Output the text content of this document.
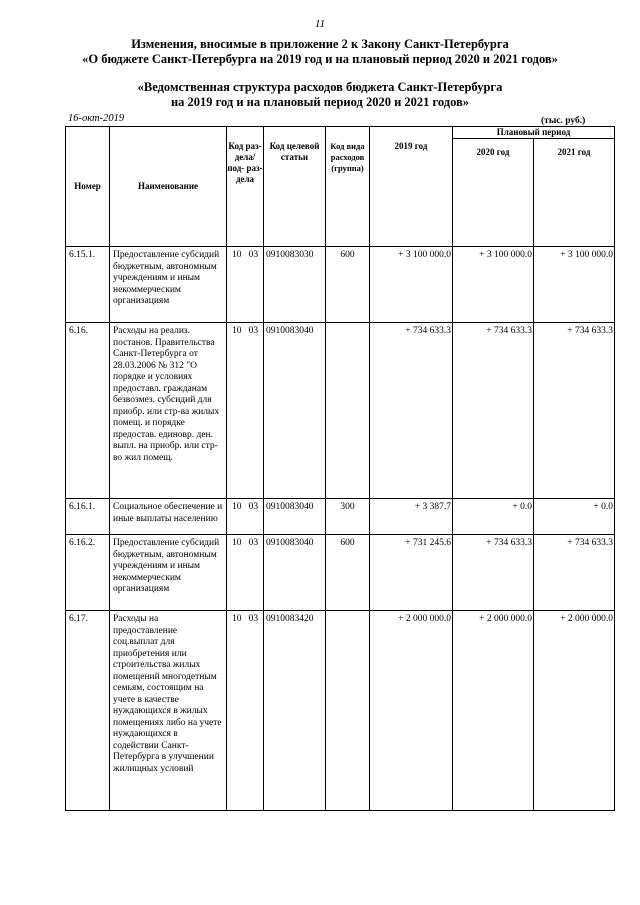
11
Изменения, вносимые в приложение 2 к Закону Санкт-Петербурга
«О бюджете Санкт-Петербурга на 2019 год и на плановый период 2020 и 2021 годов»
«Ведомственная структура расходов бюджета Санкт-Петербурга
на 2019 год и на плановый период 2020 и 2021 годов»
16-окт-2019	(тыс. руб.)
Номер	Наименование	Код раз- дела/ под- раз- дела	Код целевой статьи	Код вида расходов (группа)	2019 год	Плановый период	
						2020 год	2021 год
6.15.1.	Предоставление субсидий бюджетным, автономным учреждениям и иным некоммерческим организациям	10 03	0910083030	600	+ 3 100 000.0	+ 3 100 000.0	+ 3 100 000.0
6.16.	Расходы на реализ. постанов. Правительства Санкт-Петербурга от 28.03.2006 № 312 "О порядке и условиях предоставл. гражданам безвозмез. субсидий для приобр. или стр-ва жилых помещ. и порядке предостав. единовр. ден. выпл. на приобр. или стр-во жил помещ.	10 03	0910083040		+ 734 633.3	+ 734 633.3	+ 734 633.3
6.16.1.	Социальное обеспечение и иные выплаты населению	10 03	0910083040	300	+ 3 387.7	+ 0.0	+ 0.0
6.16.2.	Предоставление субсидий бюджетным, автономным учреждениям и иным некоммерческим организациям	10 03	0910083040	600	+ 731 245.6	+ 734 633.3	+ 734 633.3
6.17.	Расходы на предоставление соц.выплат для приобретения или строительства жилых помещений многодетным семьям, состоящим на учете в качестве нуждающихся в жилых помещениях либо на учете нуждающихся в содействии Санкт-Петербурга в улучшении жилищных условий	10 03	0910083420		+ 2 000 000.0	+ 2 000 000.0	+ 2 000 000.0
